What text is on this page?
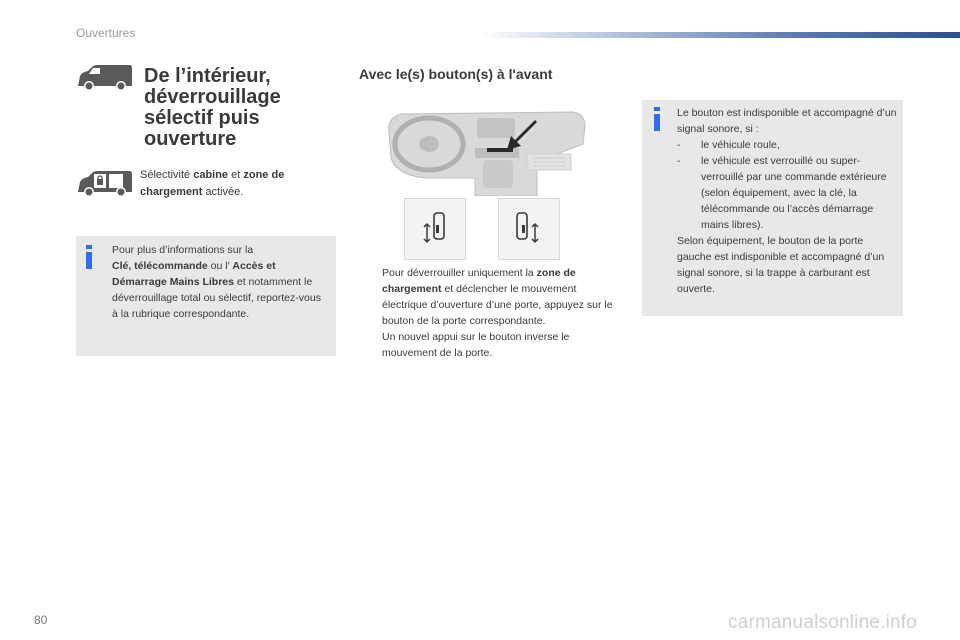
Ouvertures
De l’intérieur,
déverrouillage
sélectif puis
ouverture
Sélectivité cabine et zone de chargement activée.
Pour plus d’informations sur la
Clé, télécommande ou l’ Accès et Démarrage Mains Libres et notamment le déverrouillage total ou sélectif, reportez-vous à la rubrique correspondante.
Avec le(s) bouton(s) à l'avant
Pour déverrouiller uniquement la zone de chargement et déclencher le mouvement électrique d’ouverture d’une porte, appuyez sur le bouton de la porte correspondante.
Un nouvel appui sur le bouton inverse le mouvement de la porte.
Le bouton est indisponible et accompagné d’un signal sonore, si :
-	le véhicule roule,
-	le véhicule est verrouillé ou super-verrouillé par une commande extérieure (selon équipement, avec la clé, la télécommande ou l’accès démarrage mains libres).
Selon équipement, le bouton de la porte gauche est indisponible et accompagné d’un signal sonore, si la trappe à carburant est ouverte.
80	carmanualsonline.info
